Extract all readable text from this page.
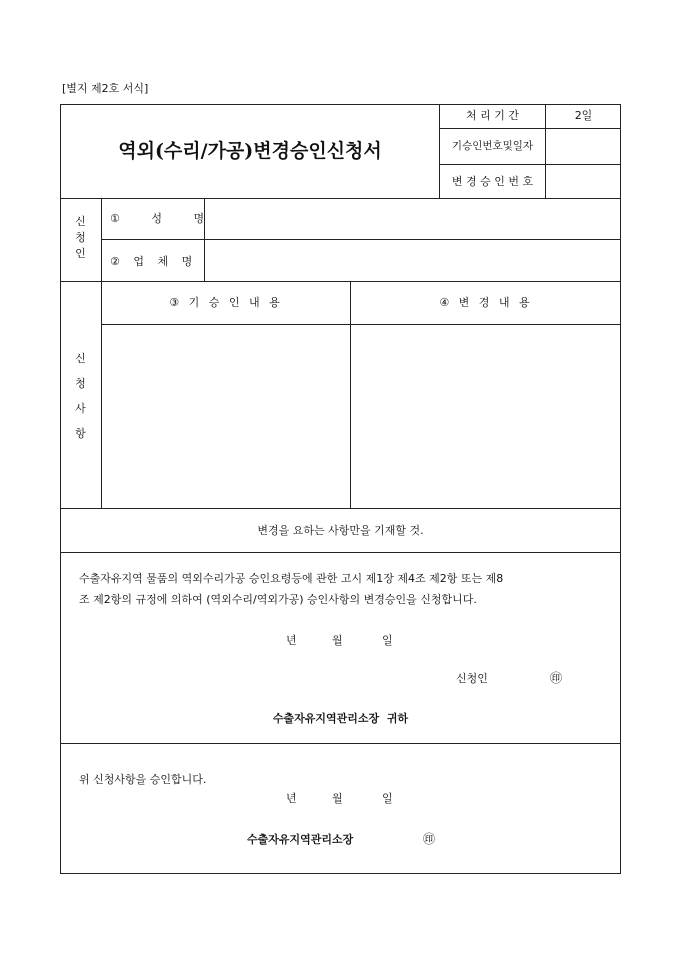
[별지 제2호 서식]
역외(수리/가공)변경승인신청서
처 리 기 간	2일
기승인번호및일자
변 경 승 인 번 호
신
청
인
① 성 명
② 업 체 명
신
청
사
항
③ 기 승 인 내 용	④ 변 경 내 용
변경을 요하는 사항만을 기재할 것.
수출자유지역 물품의 역외수리가공 승인요령등에 관한 고시 제1장 제4조 제2항 또는 제8
조 제2항의 규정에 의하여 (역외수리/역외가공) 승인사항의 변경승인을 신청합니다.
년	월	일
신청인	㊞
수출자유지역관리소장  귀하
위 신청사항을 승인합니다.
년	월	일
수출자유지역관리소장	㊞
